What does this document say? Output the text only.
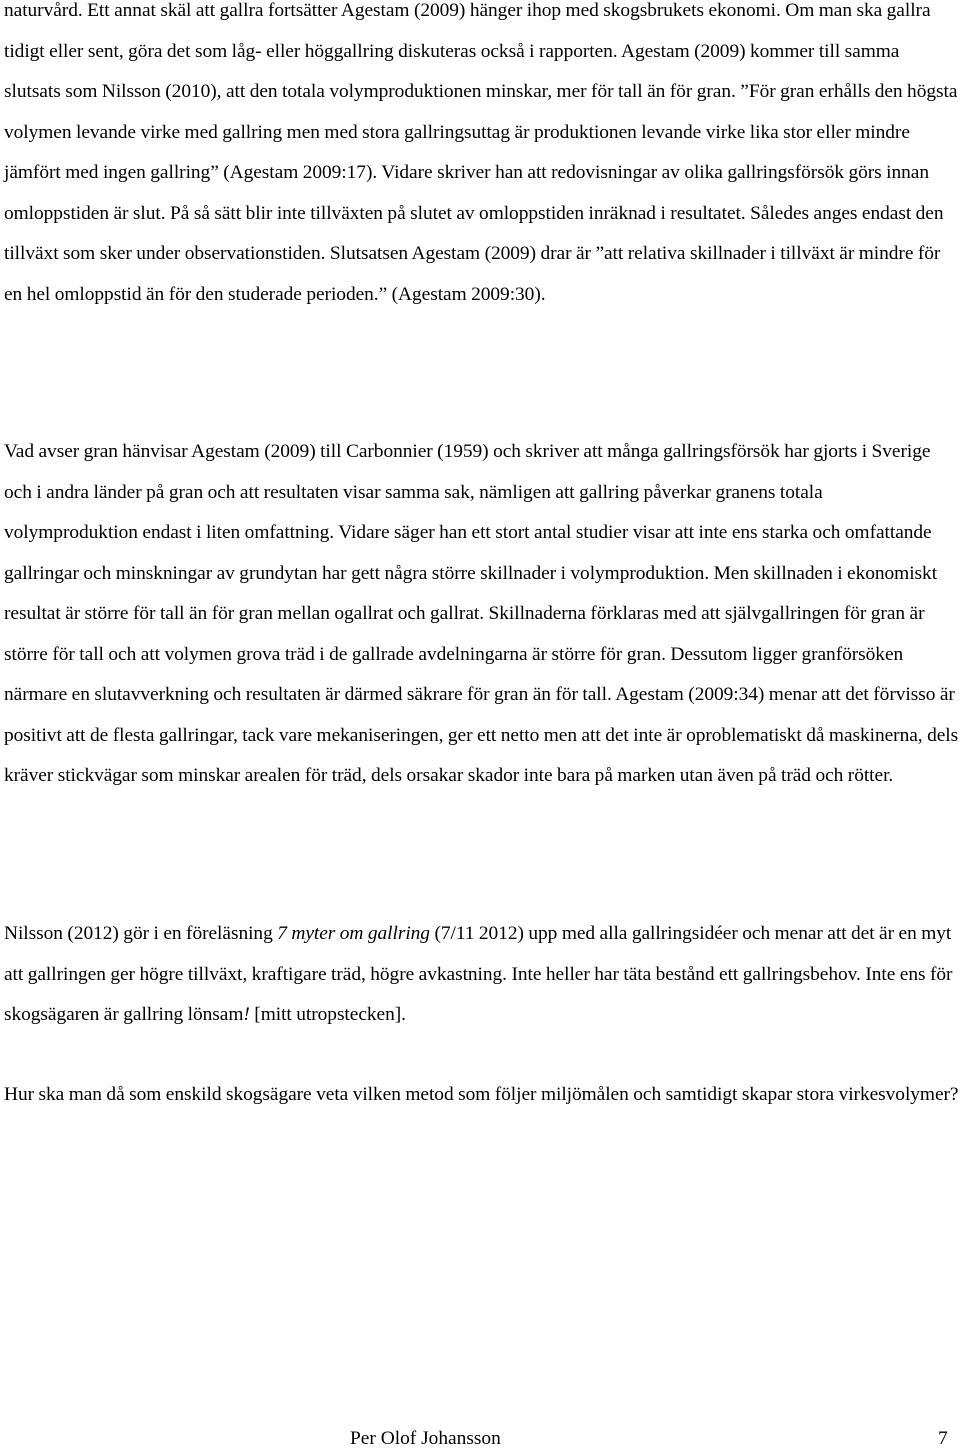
naturvård. Ett annat skäl att gallra fortsätter Agestam (2009) hänger ihop med skogsbrukets ekonomi. Om man ska gallra tidigt eller sent, göra det som låg- eller höggallring diskuteras också i rapporten. Agestam (2009) kommer till samma slutsats som Nilsson (2010), att den totala volymproduktionen minskar, mer för tall än för gran. ”För gran erhålls den högsta volymen levande virke med gallring men med stora gallringsuttag är produktionen levande virke lika stor eller mindre jämfört med ingen gallring” (Agestam 2009:17). Vidare skriver han att redovisningar av olika gallringsförsök görs innan omloppstiden är slut. På så sätt blir inte tillväxten på slutet av omloppstiden inräknad i resultatet. Således anges endast den tillväxt som sker under observationstiden. Slutsatsen Agestam (2009) drar är ”att relativa skillnader i tillväxt är mindre för en hel omloppstid än för den studerade perioden.” (Agestam 2009:30).

Vad avser gran hänvisar Agestam (2009) till Carbonnier (1959) och skriver att många gallringsförsök har gjorts i Sverige och i andra länder på gran och att resultaten visar samma sak, nämligen att gallring påverkar granens totala volymproduktion endast i liten omfattning. Vidare säger han ett stort antal studier visar att inte ens starka och omfattande gallringar och minskningar av grundytan har gett några större skillnader i volymproduktion. Men skillnaden i ekonomiskt resultat är större för tall än för gran mellan ogallrat och gallrat. Skillnaderna förklaras med att självgallringen för gran är större för tall och att volymen grova träd i de gallrade avdelningarna är större för gran. Dessutom ligger granförsöken närmare en slutavverkning och resultaten är därmed säkrare för gran än för tall. Agestam (2009:34) menar att det förvisso är positivt att de flesta gallringar, tack vare mekaniseringen, ger ett netto men att det inte är oproblematiskt då maskinerna, dels kräver stickvägar som minskar arealen för träd, dels orsakar skador inte bara på marken utan även på träd och rötter.

Nilsson (2012) gör i en föreläsning 7 myter om gallring (7/11 2012) upp med alla gallringsidéer och menar att det är en myt att gallringen ger högre tillväxt, kraftigare träd, högre avkastning. Inte heller har täta bestånd ett gallringsbehov. Inte ens för skogsägaren är gallring lönsam! [mitt utropstecken].

Hur ska man då som enskild skogsägare veta vilken metod som följer miljömålen och samtidigt skapar stora virkesvolymer?

Per Olof Johansson	7
